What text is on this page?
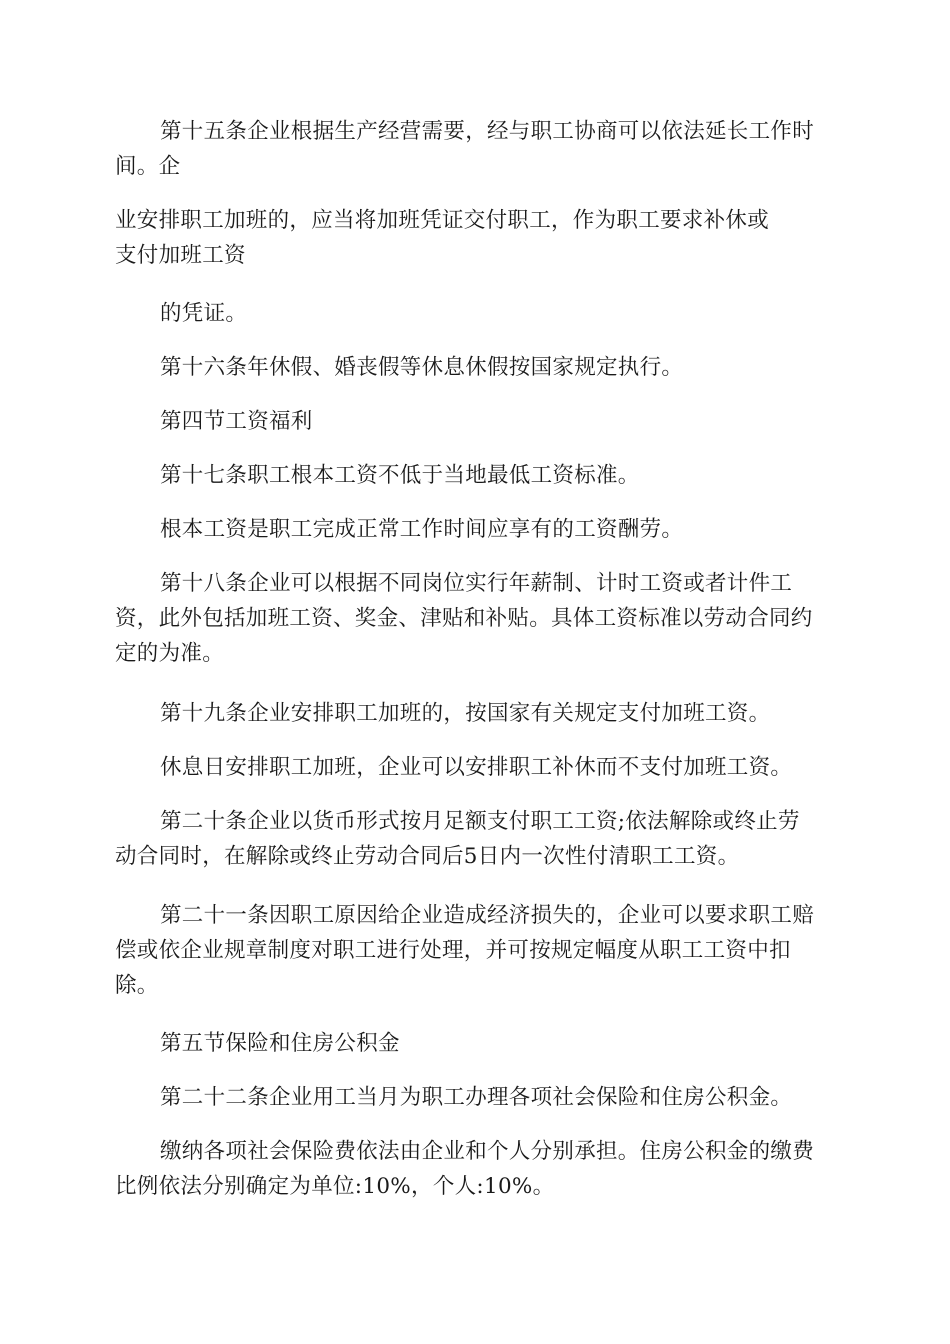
第十五条企业根据生产经营需要，经与职工协商可以依法延长工作时
间。企

业安排职工加班的，应当将加班凭证交付职工，作为职工要求补休或
支付加班工资

的凭证。

第十六条年休假、婚丧假等休息休假按国家规定执行。

第四节工资福利

第十七条职工根本工资不低于当地最低工资标准。

根本工资是职工完成正常工作时间应享有的工资酬劳。

第十八条企业可以根据不同岗位实行年薪制、计时工资或者计件工
资，此外包括加班工资、奖金、津贴和补贴。具体工资标准以劳动合同约
定的为准。

第十九条企业安排职工加班的，按国家有关规定支付加班工资。

休息日安排职工加班，企业可以安排职工补休而不支付加班工资。

第二十条企业以货币形式按月足额支付职工工资;依法解除或终止劳
动合同时，在解除或终止劳动合同后5日内一次性付清职工工资。

第二十一条因职工原因给企业造成经济损失的，企业可以要求职工赔
偿或依企业规章制度对职工进行处理，并可按规定幅度从职工工资中扣
除。

第五节保险和住房公积金

第二十二条企业用工当月为职工办理各项社会保险和住房公积金。

缴纳各项社会保险费依法由企业和个人分别承担。住房公积金的缴费
比例依法分别确定为单位:10%，个人:10%。
